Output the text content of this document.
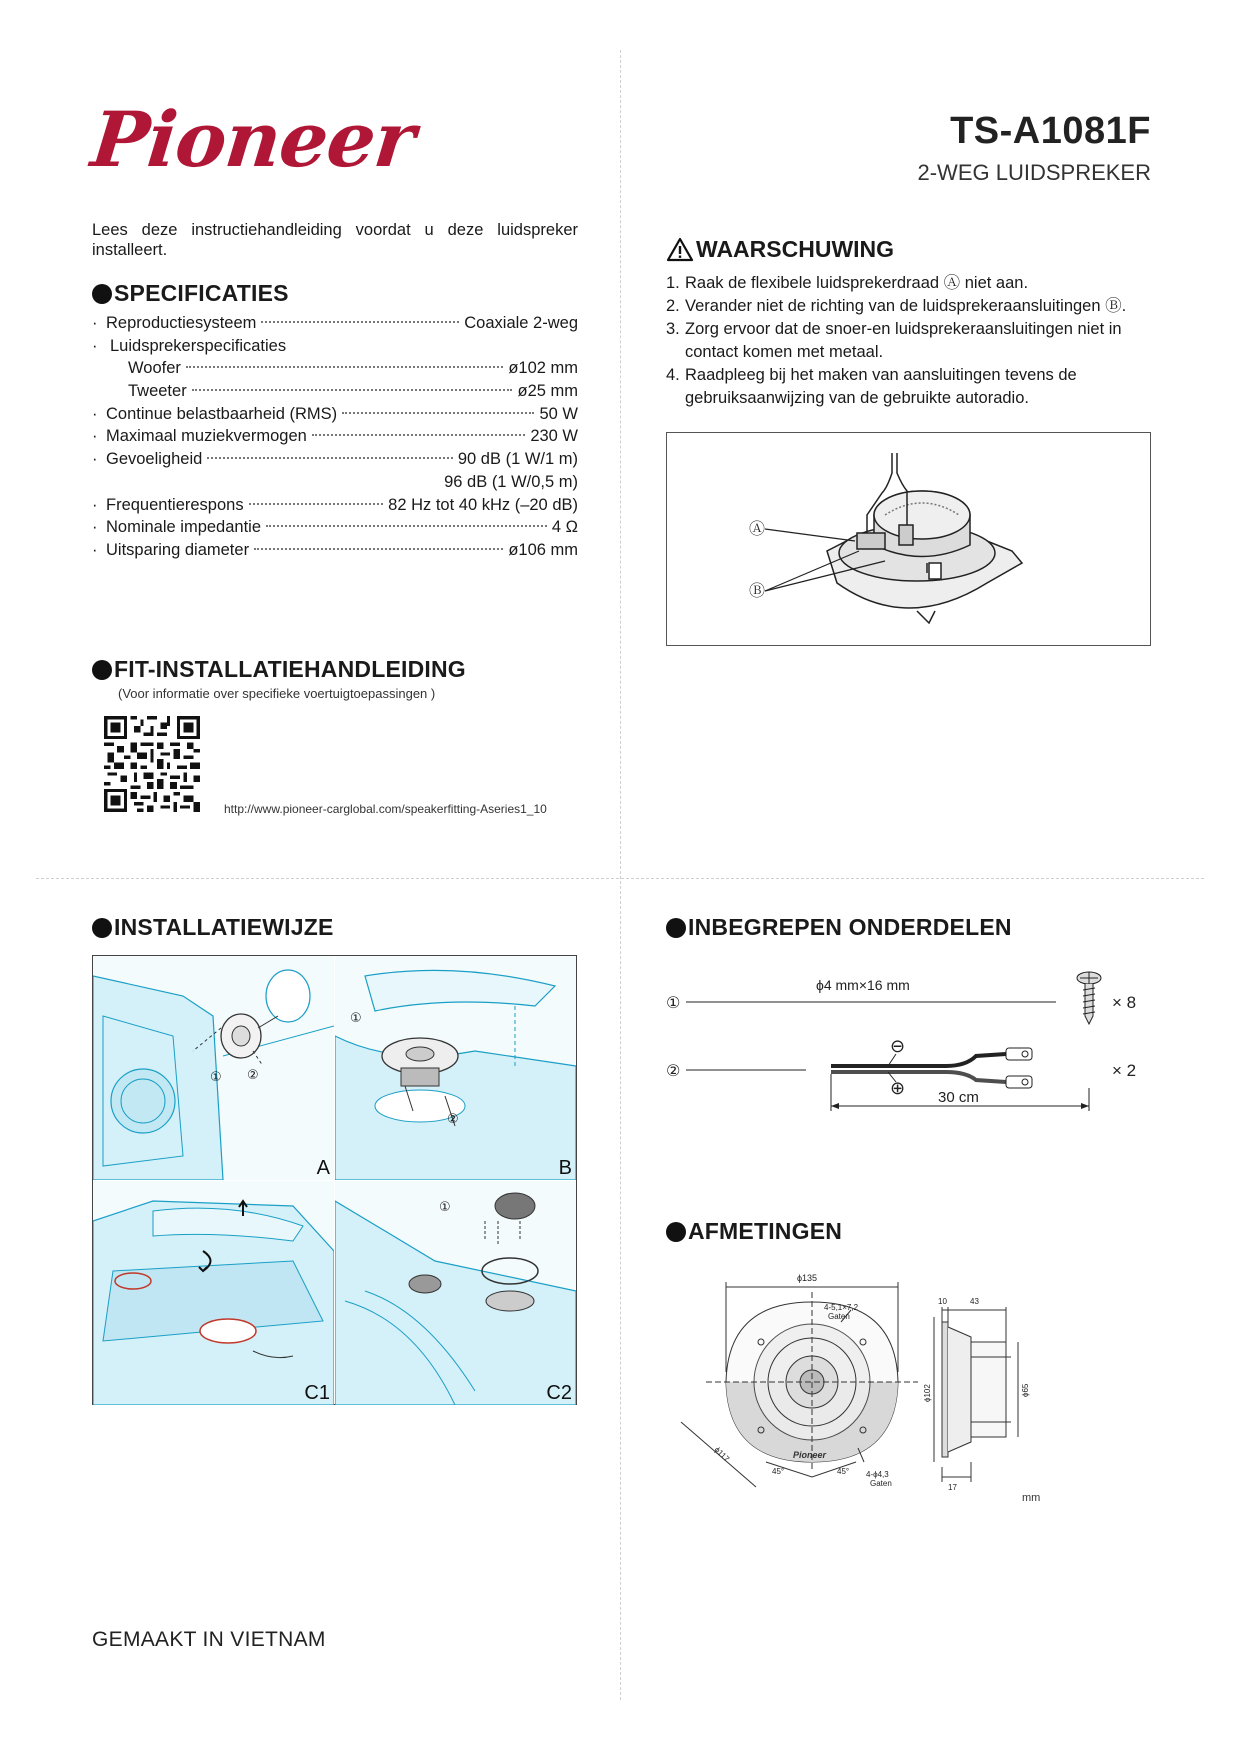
Pioneer	TS-A1081F
2-WEG LUIDSPREKER
Lees deze instructiehandleiding voordat u deze luidspreker installeert.
SPECIFICATIES
· Reproductiesysteem	Coaxiale 2-weg
· Luidsprekerspecificaties
Woofer	ø102 mm
Tweeter	ø25 mm
· Continue belastbaarheid (RMS)	50 W
· Maximaal muziekvermogen	230 W
· Gevoeligheid	90 dB (1 W/1 m)
96 dB (1 W/0,5 m)
· Frequentierespons	82 Hz tot 40 kHz (–20 dB)
· Nominale impedantie	4 Ω
· Uitsparing diameter	ø106 mm
FIT-INSTALLATIEHANDLEIDING
(Voor informatie over specifieke voertuigtoepassingen )
http://www.pioneer-carglobal.com/speakerfitting-Aseries1_10
WAARSCHUWING
1. Raak de flexibele luidsprekerdraad Ⓐ niet aan.
2. Verander niet de richting van de luidsprekeraansluitingen Ⓑ.
3. Zorg ervoor dat de snoer-en luidsprekeraansluitingen niet in contact komen met metaal.
4. Raadpleeg bij het maken van aansluitingen tevens de gebruiksaanwijzing van de gebruikte autoradio.
Ⓐ
Ⓑ
INSTALLATIEWIJZE
① ②
A
①
②
B
C1
①
C2
INBEGREPEN ONDERDELEN
①
ϕ4 mm×16 mm
× 8
②
⊖
⊕ 30 cm
× 2
AFMETINGEN
ϕ135
4-5,1×7,2
Gaten
Pioneer
45°	45° 4-ϕ4,3
Gaten
ϕ117
10	43
ϕ102	ϕ65
17
mm
GEMAAKT IN VIETNAM
